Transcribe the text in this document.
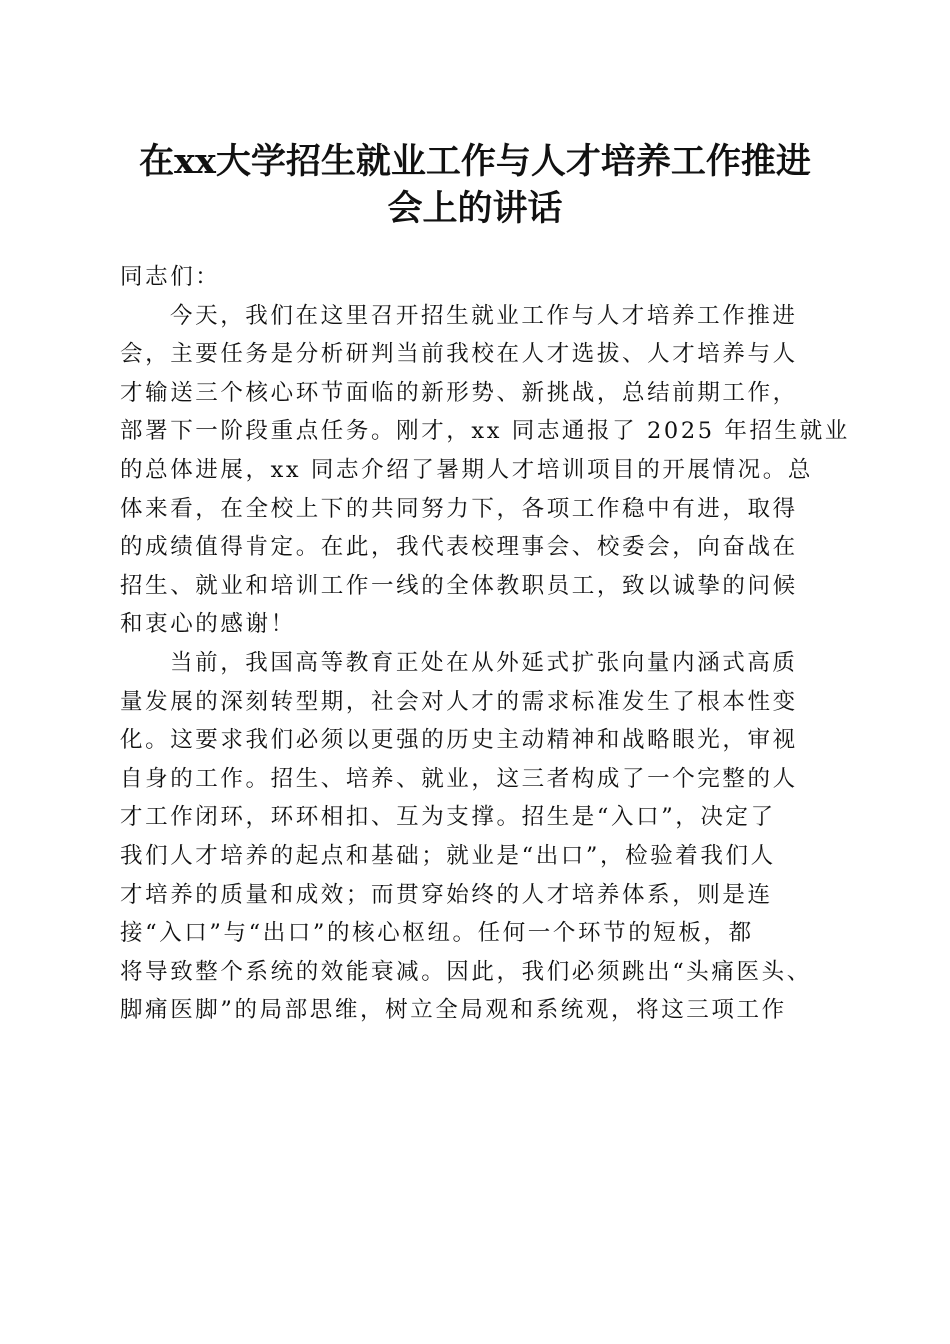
在xx大学招生就业工作与人才培养工作推进
会上的讲话
同志们：
今天，我们在这里召开招生就业工作与人才培养工作推进
会，主要任务是分析研判当前我校在人才选拔、人才培养与人
才输送三个核心环节面临的新形势、新挑战，总结前期工作，
部署下一阶段重点任务。刚才，xx 同志通报了 2025 年招生就业
的总体进展，xx 同志介绍了暑期人才培训项目的开展情况。总
体来看，在全校上下的共同努力下，各项工作稳中有进，取得
的成绩值得肯定。在此，我代表校理事会、校委会，向奋战在
招生、就业和培训工作一线的全体教职员工，致以诚挚的问候
和衷心的感谢！
当前，我国高等教育正处在从外延式扩张向量内涵式高质
量发展的深刻转型期，社会对人才的需求标准发生了根本性变
化。这要求我们必须以更强的历史主动精神和战略眼光，审视
自身的工作。招生、培养、就业，这三者构成了一个完整的人
才工作闭环，环环相扣、互为支撑。招生是“入口”，决定了
我们人才培养的起点和基础；就业是“出口”，检验着我们人
才培养的质量和成效；而贯穿始终的人才培养体系，则是连
接“入口”与“出口”的核心枢纽。任何一个环节的短板，都
将导致整个系统的效能衰减。因此，我们必须跳出“头痛医头、
脚痛医脚”的局部思维，树立全局观和系统观，将这三项工作
